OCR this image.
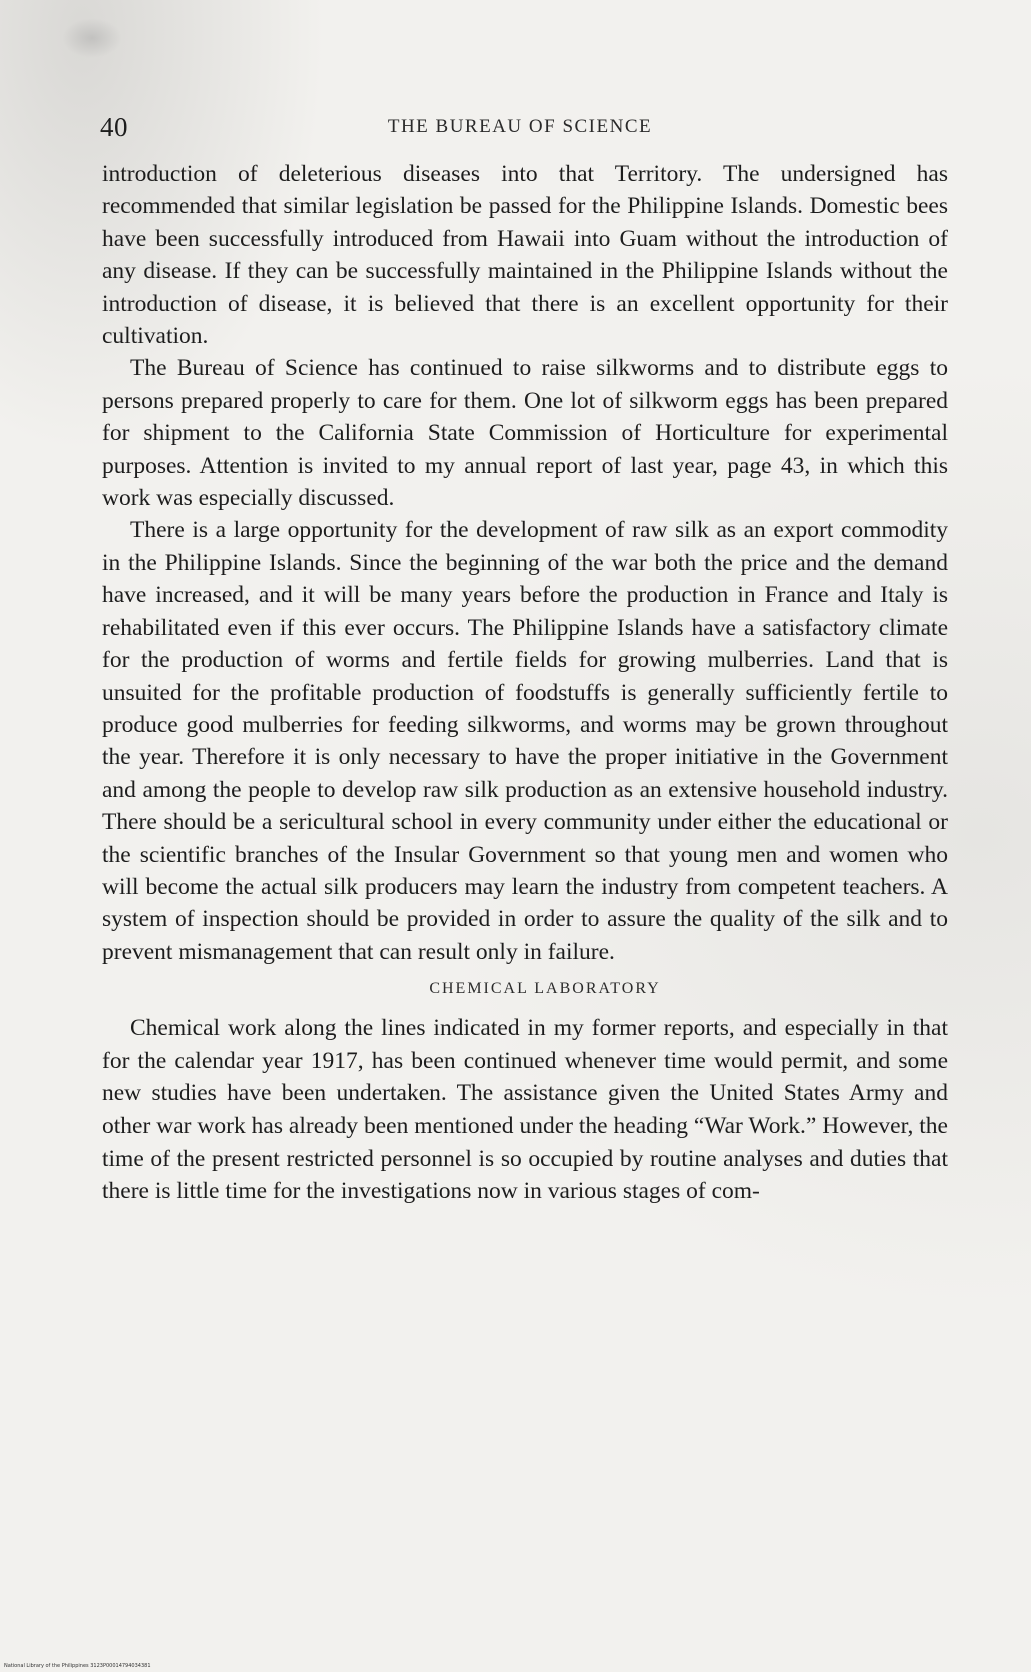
40	THE BUREAU OF SCIENCE

introduction of deleterious diseases into that Territory. The undersigned has recommended that similar legislation be passed for the Philippine Islands. Domestic bees have been successfully introduced from Hawaii into Guam without the introduction of any disease. If they can be successfully maintained in the Philippine Islands without the introduction of disease, it is believed that there is an excellent opportunity for their cultivation.

The Bureau of Science has continued to raise silkworms and to distribute eggs to persons prepared properly to care for them. One lot of silkworm eggs has been prepared for shipment to the California State Commission of Horticulture for experimental purposes. Attention is invited to my annual report of last year, page 43, in which this work was especially discussed.

There is a large opportunity for the development of raw silk as an export commodity in the Philippine Islands. Since the beginning of the war both the price and the demand have increased, and it will be many years before the production in France and Italy is rehabilitated even if this ever occurs. The Philippine Islands have a satisfactory climate for the production of worms and fertile fields for growing mulberries. Land that is unsuited for the profitable production of foodstuffs is generally sufficiently fertile to produce good mulberries for feeding silkworms, and worms may be grown throughout the year. Therefore it is only necessary to have the proper initiative in the Government and among the people to develop raw silk production as an extensive household industry. There should be a sericultural school in every community under either the educational or the scientific branches of the Insular Government so that young men and women who will become the actual silk producers may learn the industry from competent teachers. A system of inspection should be provided in order to assure the quality of the silk and to prevent mismanagement that can result only in failure.

CHEMICAL LABORATORY

Chemical work along the lines indicated in my former reports, and especially in that for the calendar year 1917, has been continued whenever time would permit, and some new studies have been undertaken. The assistance given the United States Army and other war work has already been mentioned under the heading “War Work.” However, the time of the present restricted personnel is so occupied by routine analyses and duties that there is little time for the investigations now in various stages of com-

National Library of the Philippines 3123P00014794034381
